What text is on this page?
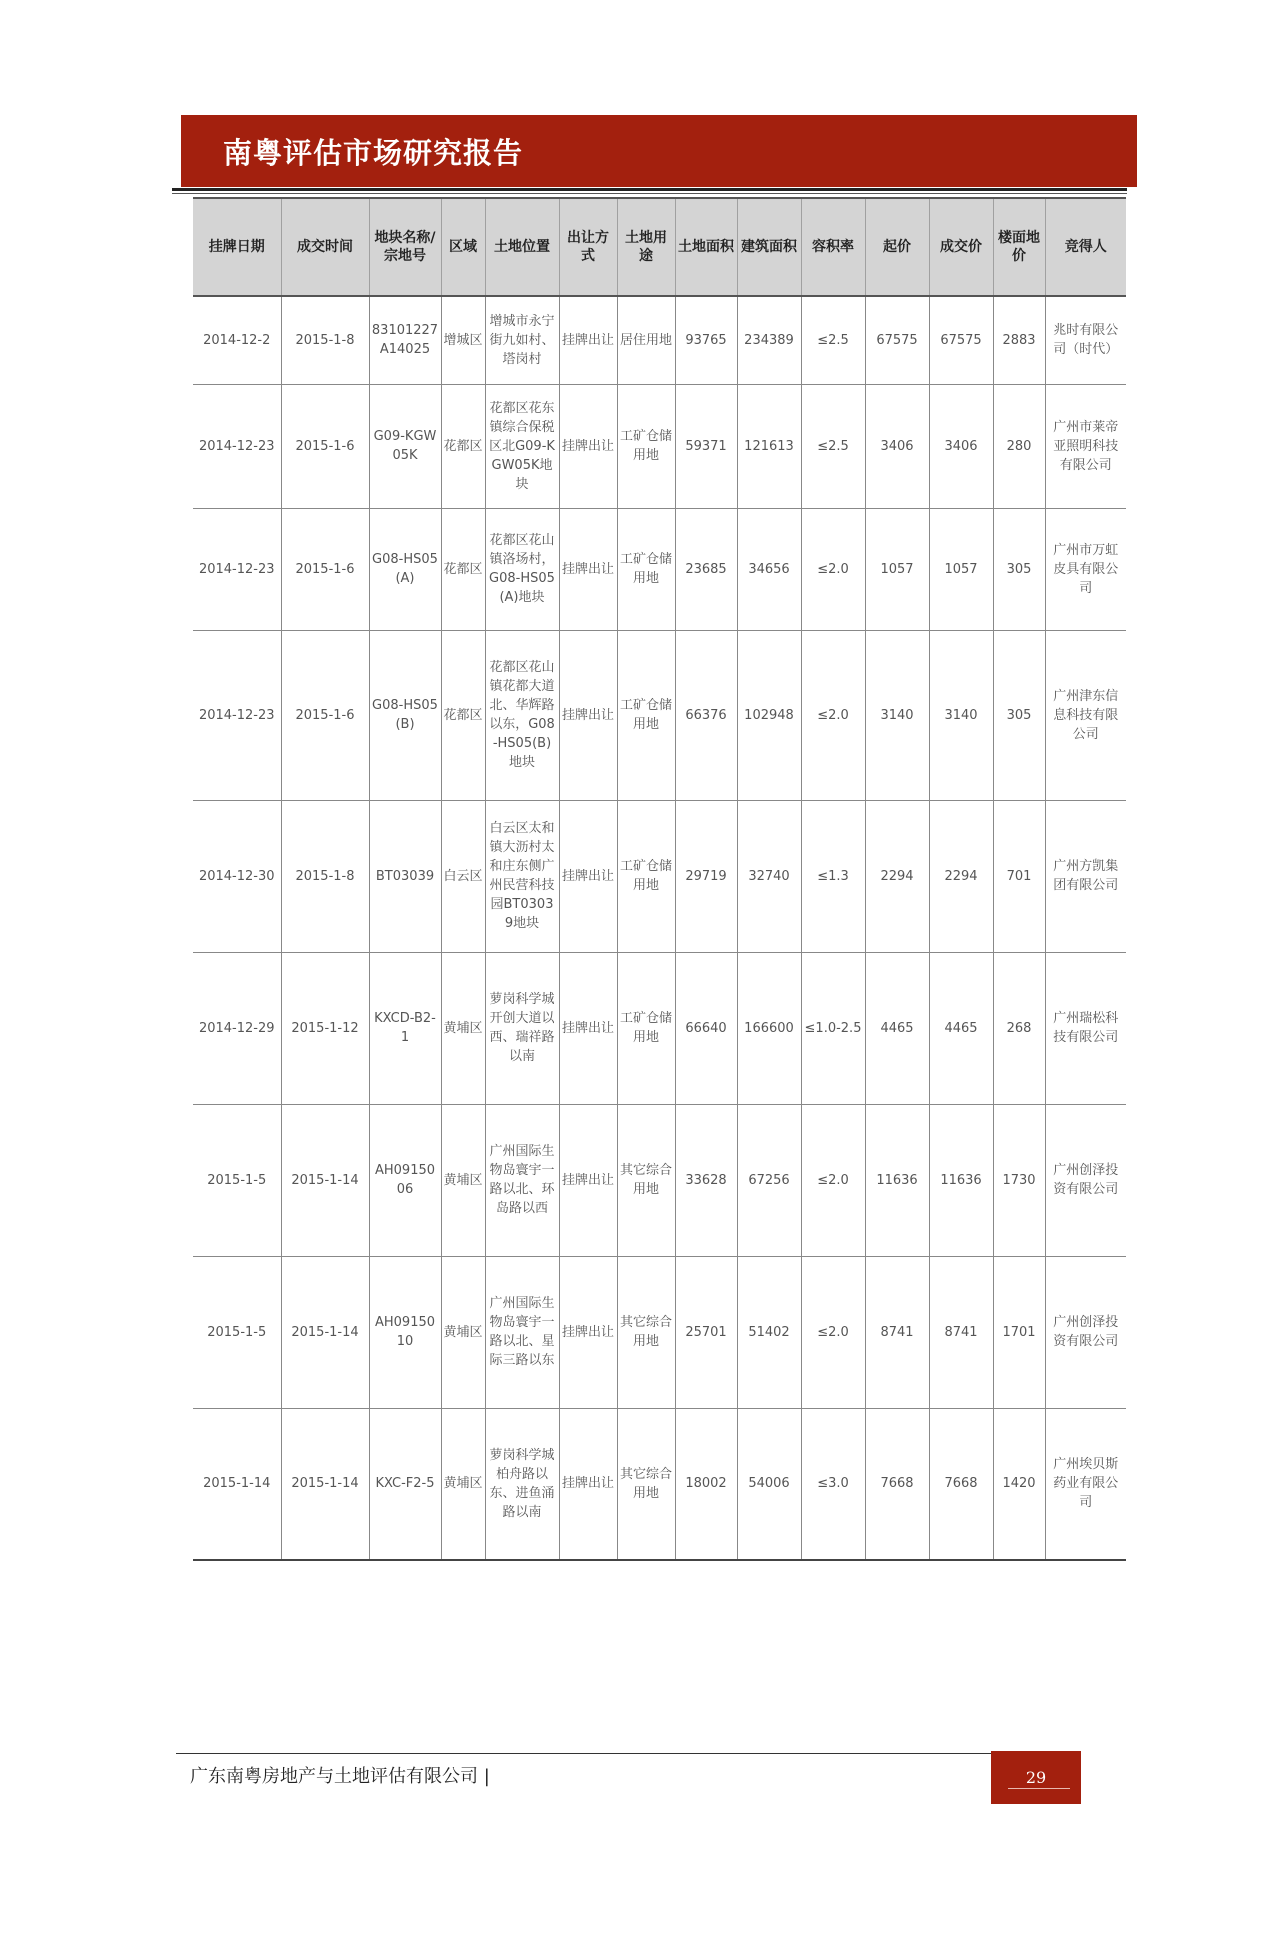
南粤评估市场研究报告
挂牌日期	成交时间	地块名称/宗地号	区域	土地位置	出让方式	土地用途	土地面积	建筑面积	容积率	起价	成交价	楼面地价	竞得人
2014-12-2	2015-1-8	83101227A14025	增城区	增城市永宁街九如村、塔岗村	挂牌出让	居住用地	93765	234389	≤2.5	67575	67575	2883	兆时有限公司（时代）
2014-12-23	2015-1-6	G09-KGW05K	花都区	花都区花东镇综合保税区北G09-KGW05K地块	挂牌出让	工矿仓储用地	59371	121613	≤2.5	3406	3406	280	广州市莱帝亚照明科技有限公司
2014-12-23	2015-1-6	G08-HS05(A)	花都区	花都区花山镇洛场村，G08-HS05(A)地块	挂牌出让	工矿仓储用地	23685	34656	≤2.0	1057	1057	305	广州市万虹皮具有限公司
2014-12-23	2015-1-6	G08-HS05(B)	花都区	花都区花山镇花都大道北、华辉路以东，G08-HS05(B)地块	挂牌出让	工矿仓储用地	66376	102948	≤2.0	3140	3140	305	广州津东信息科技有限公司
2014-12-30	2015-1-8	BT03039	白云区	白云区太和镇大沥村太和庄东侧广州民营科技园BT03039地块	挂牌出让	工矿仓储用地	29719	32740	≤1.3	2294	2294	701	广州方凯集团有限公司
2014-12-29	2015-1-12	KXCD-B2-1	黄埔区	萝岗科学城开创大道以西、瑞祥路以南	挂牌出让	工矿仓储用地	66640	166600	≤1.0-2.5	4465	4465	268	广州瑞松科技有限公司
2015-1-5	2015-1-14	AH0915006	黄埔区	广州国际生物岛寰宇一路以北、环岛路以西	挂牌出让	其它综合用地	33628	67256	≤2.0	11636	11636	1730	广州创泽投资有限公司
2015-1-5	2015-1-14	AH0915010	黄埔区	广州国际生物岛寰宇一路以北、星际三路以东	挂牌出让	其它综合用地	25701	51402	≤2.0	8741	8741	1701	广州创泽投资有限公司
2015-1-14	2015-1-14	KXC-F2-5	黄埔区	萝岗科学城柏舟路以东、进鱼涌路以南	挂牌出让	其它综合用地	18002	54006	≤3.0	7668	7668	1420	广州埃贝斯药业有限公司
广东南粤房地产与土地评估有限公司 |	29
